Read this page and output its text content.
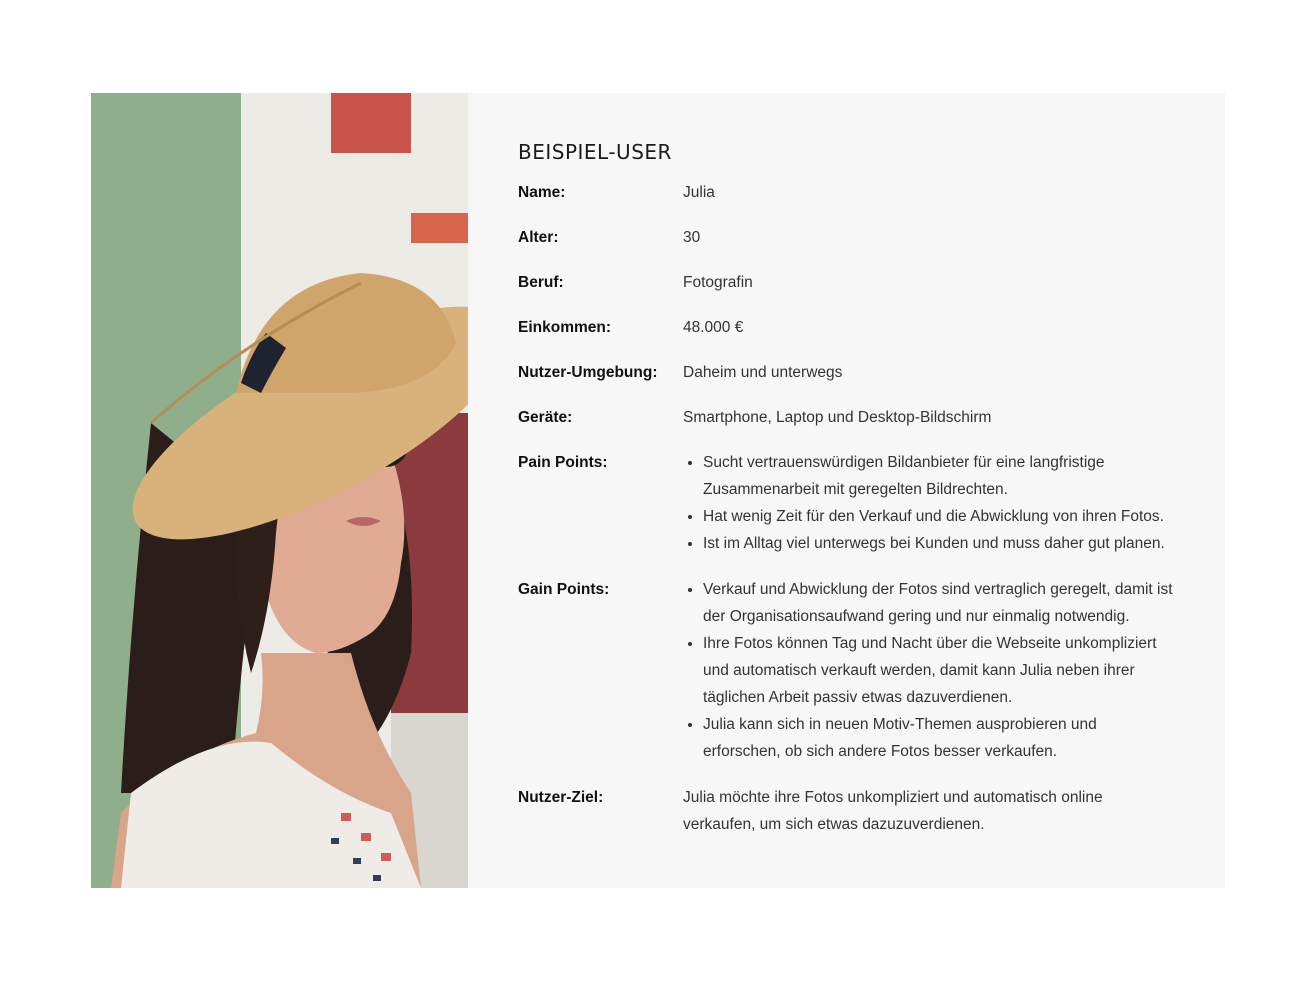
BEISPIEL-USER
Name:	Julia
Alter:	30
Beruf:	Fotografin
Einkommen:	48.000 €
Nutzer-Umgebung:	Daheim und unterwegs
Geräte:	Smartphone, Laptop und Desktop-Bildschirm
Pain Points:	• Sucht vertrauenswürdigen Bildanbieter für eine langfristige Zusammenarbeit mit geregelten Bildrechten.
• Hat wenig Zeit für den Verkauf und die Abwicklung von ihren Fotos.
• Ist im Alltag viel unterwegs bei Kunden und muss daher gut planen.
Gain Points:	• Verkauf und Abwicklung der Fotos sind vertraglich geregelt, damit ist der Organisationsaufwand gering und nur einmalig notwendig.
• Ihre Fotos können Tag und Nacht über die Webseite unkompliziert und automatisch verkauft werden, damit kann Julia neben ihrer täglichen Arbeit passiv etwas dazuverdienen.
• Julia kann sich in neuen Motiv-Themen ausprobieren und erforschen, ob sich andere Fotos besser verkaufen.
Nutzer-Ziel:	Julia möchte ihre Fotos unkompliziert und automatisch online verkaufen, um sich etwas dazuzuverdienen.
